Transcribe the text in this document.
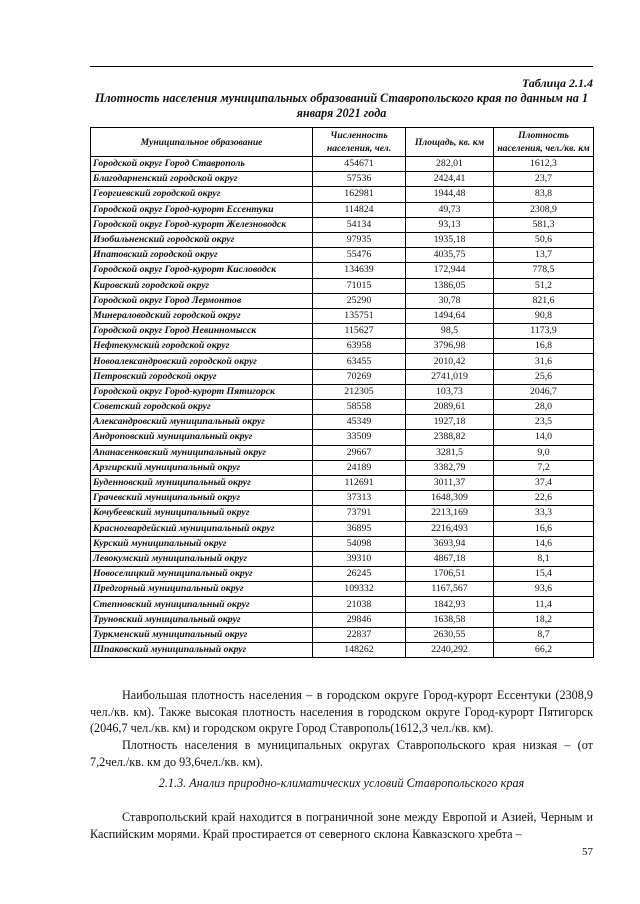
Таблица 2.1.4
Плотность населения муниципальных образований Ставропольского края по данным на 1 января 2021 года
Муниципальное образование	Численность населения, чел.	Площадь, кв. км	Плотность населения, чел./кв. км
Городской округ Город Ставрополь	454671	282,01	1612,3
Благодарненский городской округ	57536	2424,41	23,7
Георгиевский городской округ	162981	1944,48	83,8
Городской округ Город-курорт Ессентуки	114824	49,73	2308,9
Городской округ Город-курорт Железноводск	54134	93,13	581,3
Изобильненский городской округ	97935	1935,18	50,6
Ипатовский городской округ	55476	4035,75	13,7
Городской округ Город-курорт Кисловодск	134639	172,944	778,5
Кировский городской округ	71015	1386,05	51,2
Городской округ Город Лермонтов	25290	30,78	821,6
Минераловодский городской округ	135751	1494,64	90,8
Городской округ Город Невинномысск	115627	98,5	1173,9
Нефтекумский городской округ	63958	3796,98	16,8
Новоалександровский городской округ	63455	2010,42	31,6
Петровский городской округ	70269	2741,019	25,6
Городской округ Город-курорт Пятигорск	212305	103,73	2046,7
Советский городской округ	58558	2089,61	28,0
Александровский муниципальный округ	45349	1927,18	23,5
Андроповский муниципальный округ	33509	2388,82	14,0
Апанасенковский муниципальный округ	29667	3281,5	9,0
Арзгирский муниципальный округ	24189	3382,79	7,2
Буденновский муниципальный округ	112691	3011,37	37,4
Грачевский муниципальный округ	37313	1648,309	22,6
Кочубеевский муниципальный округ	73791	2213,169	33,3
Красногвардейский муниципальный округ	36895	2216,493	16,6
Курский муниципальный округ	54098	3693,94	14,6
Левокумский муниципальный округ	39310	4867,18	8,1
Новоселицкий муниципальный округ	26245	1706,51	15,4
Предгорный муниципальный округ	109332	1167,567	93,6
Степновский муниципальный округ	21038	1842,93	11,4
Труновский муниципальный округ	29846	1638,58	18,2
Туркменский муниципальный округ	22837	2630,55	8,7
Шпаковский муниципальный округ	148262	2240,292	66,2
Наибольшая плотность населения – в городском округе Город-курорт Ессентуки (2308,9 чел./кв. км). Также высокая плотность населения в городском округе Город-курорт Пятигорск (2046,7 чел./кв. км) и городском округе Город Ставрополь(1612,3 чел./кв. км).
Плотность населения в муниципальных округах Ставропольского края низкая – (от 7,2чел./кв. км до 93,6чел./кв. км).
2.1.3. Анализ природно-климатических условий Ставропольского края
Ставропольский край находится в пограничной зоне между Европой и Азией, Черным и Каспийским морями. Край простирается от северного склона Кавказского хребта –
57
